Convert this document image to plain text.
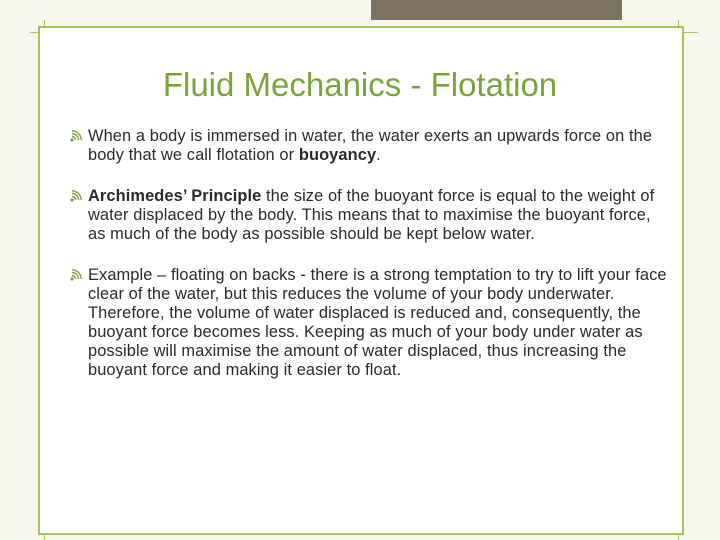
Fluid Mechanics - Flotation
When a body is immersed in water, the water exerts an upwards force on the body that we call flotation or buoyancy.
Archimedes’ Principle the size of the buoyant force is equal to the weight of water displaced by the body. This means that to maximise the buoyant force, as much of the body as possible should be kept below water.
Example – floating on backs - there is a strong temptation to try to lift your face clear of the water, but this reduces the volume of your body underwater. Therefore, the volume of water displaced is reduced and, consequently, the buoyant force becomes less. Keeping as much of your body under water as possible will maximise the amount of water displaced, thus increasing the buoyant force and making it easier to float.
